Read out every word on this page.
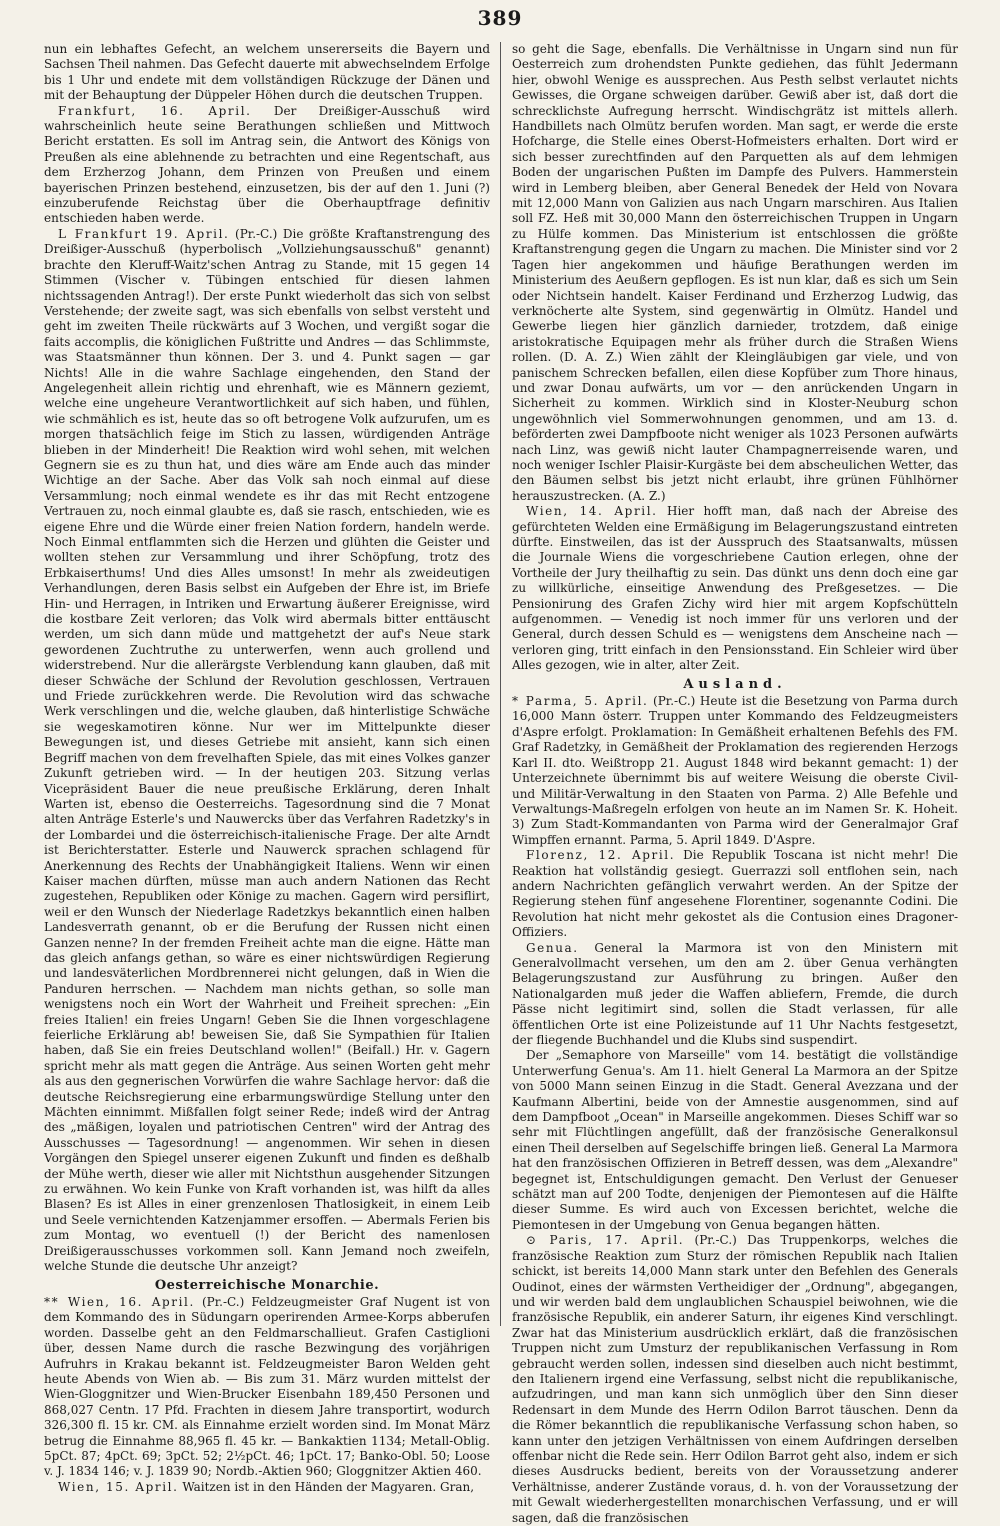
389

nun ein lebhaftes Gefecht, an welchem unsererseits die Bayern und Sachsen Theil nahmen. Das Gefecht dauerte mit abwechselndem Erfolge bis 1 Uhr und endete mit dem vollständigen Rückzuge der Dänen und mit der Behauptung der Düppeler Höhen durch die deutschen Truppen.

Frankfurt, 16. April. Der Dreißiger-Ausschuß wird wahrscheinlich heute seine Berathungen schließen und Mittwoch Bericht erstatten. Es soll im Antrag sein, die Antwort des Königs von Preußen als eine ablehnende zu betrachten und eine Regentschaft, aus dem Erzherzog Johann, dem Prinzen von Preußen und einem bayerischen Prinzen bestehend, einzusetzen, bis der auf den 1. Juni (?) einzuberufende Reichstag über die Oberhauptfrage definitiv entschieden haben werde.

L Frankfurt 19. April. (Pr.-C.) Die größte Kraftanstrengung des Dreißiger-Ausschuß (hyperbolisch „Vollziehungsausschuß" genannt) brachte den Kleruff-Waitz'schen Antrag zu Stande, mit 15 gegen 14 Stimmen (Vischer v. Tübingen entschied für diesen lahmen nichtssagenden Antrag!). Der erste Punkt wiederholt das sich von selbst Verstehende; der zweite sagt, was sich ebenfalls von selbst versteht und geht im zweiten Theile rückwärts auf 3 Wochen, und vergißt sogar die faits accomplis, die königlichen Fußtritte und Andres — das Schlimmste, was Staatsmänner thun können. Der 3. und 4. Punkt sagen — gar Nichts! Alle in die wahre Sachlage eingehenden, den Stand der Angelegenheit allein richtig und ehrenhaft, wie es Männern geziemt, welche eine ungeheure Verantwortlichkeit auf sich haben, und fühlen, wie schmählich es ist, heute das so oft betrogene Volk aufzurufen, um es morgen thatsächlich feige im Stich zu lassen, würdigenden Anträge blieben in der Minderheit! Die Reaktion wird wohl sehen, mit welchen Gegnern sie es zu thun hat, und dies wäre am Ende auch das minder Wichtige an der Sache. Aber das Volk sah noch einmal auf diese Versammlung; noch einmal wendete es ihr das mit Recht entzogene Vertrauen zu, noch einmal glaubte es, daß sie rasch, entschieden, wie es eigene Ehre und die Würde einer freien Nation fordern, handeln werde. Noch Einmal entflammten sich die Herzen und glühten die Geister und wollten stehen zur Versammlung und ihrer Schöpfung, trotz des Erbkaiserthums! Und dies Alles umsonst! In mehr als zweideutigen Verhandlungen, deren Basis selbst ein Aufgeben der Ehre ist, im Briefe Hin- und Herragen, in Intriken und Erwartung äußerer Ereignisse, wird die kostbare Zeit verloren; das Volk wird abermals bitter enttäuscht werden, um sich dann müde und mattgehetzt der auf's Neue stark gewordenen Zuchtruthe zu unterwerfen, wenn auch grollend und widerstrebend. Nur die allerärgste Verblendung kann glauben, daß mit dieser Schwäche der Schlund der Revolution geschlossen, Vertrauen und Friede zurückkehren werde. Die Revolution wird das schwache Werk verschlingen und die, welche glauben, daß hinterlistige Schwäche sie wegeskamotiren könne. Nur wer im Mittelpunkte dieser Bewegungen ist, und dieses Getriebe mit ansieht, kann sich einen Begriff machen von dem frevelhaften Spiele, das mit eines Volkes ganzer Zukunft getrieben wird. — In der heutigen 203. Sitzung verlas Vicepräsident Bauer die neue preußische Erklärung, deren Inhalt Warten ist, ebenso die Oesterreichs. Tagesordnung sind die 7 Monat alten Anträge Esterle's und Nauwercks über das Verfahren Radetzky's in der Lombardei und die österreichisch-italienische Frage. Der alte Arndt ist Berichterstatter. Esterle und Nauwerck sprachen schlagend für Anerkennung des Rechts der Unabhängigkeit Italiens. Wenn wir einen Kaiser machen dürften, müsse man auch andern Nationen das Recht zugestehen, Republiken oder Könige zu machen. Gagern wird persiflirt, weil er den Wunsch der Niederlage Radetzkys bekanntlich einen halben Landesverrath genannt, ob er die Berufung der Russen nicht einen Ganzen nenne? In der fremden Freiheit achte man die eigne. Hätte man das gleich anfangs gethan, so wäre es einer nichtswürdigen Regierung und landesväterlichen Mordbrennerei nicht gelungen, daß in Wien die Panduren herrschen. — Nachdem man nichts gethan, so solle man wenigstens noch ein Wort der Wahrheit und Freiheit sprechen: „Ein freies Italien! ein freies Ungarn! Geben Sie die Ihnen vorgeschlagene feierliche Erklärung ab! beweisen Sie, daß Sie Sympathien für Italien haben, daß Sie ein freies Deutschland wollen!" (Beifall.) Hr. v. Gagern spricht mehr als matt gegen die Anträge. Aus seinen Worten geht mehr als aus den gegnerischen Vorwürfen die wahre Sachlage hervor: daß die deutsche Reichsregierung eine erbarmungswürdige Stellung unter den Mächten einnimmt. Mißfallen folgt seiner Rede; indeß wird der Antrag des „mäßigen, loyalen und patriotischen Centren" wird der Antrag des Ausschusses — Tagesordnung! — angenommen. Wir sehen in diesen Vorgängen den Spiegel unserer eigenen Zukunft und finden es deßhalb der Mühe werth, dieser wie aller mit Nichtsthun ausgehender Sitzungen zu erwähnen. Wo kein Funke von Kraft vorhanden ist, was hilft da alles Blasen? Es ist Alles in einer grenzenlosen Thatlosigkeit, in einem Leib und Seele vernichtenden Katzenjammer ersoffen. — Abermals Ferien bis zum Montag, wo eventuell (!) der Bericht des namenlosen Dreißigerausschusses vorkommen soll. Kann Jemand noch zweifeln, welche Stunde die deutsche Uhr anzeigt?

Oesterreichische Monarchie.

** Wien, 16. April. (Pr.-C.) Feldzeugmeister Graf Nugent ist von dem Kommando des in Südungarn operirenden Armee-Korps abberufen worden. Dasselbe geht an den Feldmarschallieut. Grafen Castiglioni über, dessen Name durch die rasche Bezwingung des vorjährigen Aufruhrs in Krakau bekannt ist. Feldzeugmeister Baron Welden geht heute Abends von Wien ab. — Bis zum 31. März wurden mittelst der Wien-Gloggnitzer und Wien-Brucker Eisenbahn 189,450 Personen und 868,027 Centn. 17 Pfd. Frachten in diesem Jahre transportirt, wodurch 326,300 fl. 15 kr. CM. als Einnahme erzielt worden sind. Im Monat März betrug die Einnahme 88,965 fl. 45 kr. — Bankaktien 1134; Metall-Oblig. 5pCt. 87; 4pCt. 69; 3pCt. 52; 2½pCt. 46; 1pCt. 17; Banko-Obl. 50; Loose v. J. 1834 146; v. J. 1839 90; Nordb.-Aktien 960; Gloggnitzer Aktien 460.

Wien, 15. April. Waitzen ist in den Händen der Magyaren. Gran,

so geht die Sage, ebenfalls. Die Verhältnisse in Ungarn sind nun für Oesterreich zum drohendsten Punkte gediehen, das fühlt Jedermann hier, obwohl Wenige es aussprechen. Aus Pesth selbst verlautet nichts Gewisses, die Organe schweigen darüber. Gewiß aber ist, daß dort die schrecklichste Aufregung herrscht. Windischgrätz ist mittels allerh. Handbillets nach Olmütz berufen worden. Man sagt, er werde die erste Hofcharge, die Stelle eines Oberst-Hofmeisters erhalten. Dort wird er sich besser zurechtfinden auf den Parquetten als auf dem lehmigen Boden der ungarischen Pußten im Dampfe des Pulvers. Hammerstein wird in Lemberg bleiben, aber General Benedek der Held von Novara mit 12,000 Mann von Galizien aus nach Ungarn marschiren. Aus Italien soll FZ. Heß mit 30,000 Mann den österreichischen Truppen in Ungarn zu Hülfe kommen. Das Ministerium ist entschlossen die größte Kraftanstrengung gegen die Ungarn zu machen. Die Minister sind vor 2 Tagen hier angekommen und häufige Berathungen werden im Ministerium des Aeußern gepflogen. Es ist nun klar, daß es sich um Sein oder Nichtsein handelt. Kaiser Ferdinand und Erzherzog Ludwig, das verknöcherte alte System, sind gegenwärtig in Olmütz. Handel und Gewerbe liegen hier gänzlich darnieder, trotzdem, daß einige aristokratische Equipagen mehr als früher durch die Straßen Wiens rollen. (D. A. Z.) Wien zählt der Kleingläubigen gar viele, und von panischem Schrecken befallen, eilen diese Kopfüber zum Thore hinaus, und zwar Donau aufwärts, um vor — den anrückenden Ungarn in Sicherheit zu kommen. Wirklich sind in Kloster-Neuburg schon ungewöhnlich viel Sommerwohnungen genommen, und am 13. d. beförderten zwei Dampfboote nicht weniger als 1023 Personen aufwärts nach Linz, was gewiß nicht lauter Champagnerreisende waren, und noch weniger Ischler Plaisir-Kurgäste bei dem abscheulichen Wetter, das den Bäumen selbst bis jetzt nicht erlaubt, ihre grünen Fühlhörner herauszustrecken. (A. Z.)

Wien, 14. April. Hier hofft man, daß nach der Abreise des gefürchteten Welden eine Ermäßigung im Belagerungszustand eintreten dürfte. Einstweilen, das ist der Ausspruch des Staatsanwalts, müssen die Journale Wiens die vorgeschriebene Caution erlegen, ohne der Vortheile der Jury theilhaftig zu sein. Das dünkt uns denn doch eine gar zu willkürliche, einseitige Anwendung des Preßgesetzes. — Die Pensionirung des Grafen Zichy wird hier mit argem Kopfschütteln aufgenommen. — Venedig ist noch immer für uns verloren und der General, durch dessen Schuld es — wenigstens dem Anscheine nach — verloren ging, tritt einfach in den Pensionsstand. Ein Schleier wird über Alles gezogen, wie in alter, alter Zeit.

Ausland.

* Parma, 5. April. (Pr.-C.) Heute ist die Besetzung von Parma durch 16,000 Mann österr. Truppen unter Kommando des Feldzeugmeisters d'Aspre erfolgt. Proklamation: In Gemäßheit erhaltenen Befehls des FM. Graf Radetzky, in Gemäßheit der Proklamation des regierenden Herzogs Karl II. dto. Weißtropp 21. August 1848 wird bekannt gemacht: 1) der Unterzeichnete übernimmt bis auf weitere Weisung die oberste Civil- und Militär-Verwaltung in den Staaten von Parma. 2) Alle Befehle und Verwaltungs-Maßregeln erfolgen von heute an im Namen Sr. K. Hoheit. 3) Zum Stadt-Kommandanten von Parma wird der Generalmajor Graf Wimpffen ernannt. Parma, 5. April 1849. D'Aspre.

Florenz, 12. April. Die Republik Toscana ist nicht mehr! Die Reaktion hat vollständig gesiegt. Guerrazzi soll entflohen sein, nach andern Nachrichten gefänglich verwahrt werden. An der Spitze der Regierung stehen fünf angesehene Florentiner, sogenannte Codini. Die Revolution hat nicht mehr gekostet als die Contusion eines Dragoner-Offiziers.

Genua. General la Marmora ist von den Ministern mit Generalvollmacht versehen, um den am 2. über Genua verhängten Belagerungszustand zur Ausführung zu bringen. Außer den Nationalgarden muß jeder die Waffen abliefern, Fremde, die durch Pässe nicht legitimirt sind, sollen die Stadt verlassen, für alle öffentlichen Orte ist eine Polizeistunde auf 11 Uhr Nachts festgesetzt, der fliegende Buchhandel und die Klubs sind suspendirt.

Der „Semaphore von Marseille" vom 14. bestätigt die vollständige Unterwerfung Genua's. Am 11. hielt General La Marmora an der Spitze von 5000 Mann seinen Einzug in die Stadt. General Avezzana und der Kaufmann Albertini, beide von der Amnestie ausgenommen, sind auf dem Dampfboot „Ocean" in Marseille angekommen. Dieses Schiff war so sehr mit Flüchtlingen angefüllt, daß der französische Generalkonsul einen Theil derselben auf Segelschiffe bringen ließ. General La Marmora hat den französischen Offizieren in Betreff dessen, was dem „Alexandre" begegnet ist, Entschuldigungen gemacht. Den Verlust der Genueser schätzt man auf 200 Todte, denjenigen der Piemontesen auf die Hälfte dieser Summe. Es wird auch von Excessen berichtet, welche die Piemontesen in der Umgebung von Genua begangen hätten.

⊙ Paris, 17. April. (Pr.-C.) Das Truppenkorps, welches die französische Reaktion zum Sturz der römischen Republik nach Italien schickt, ist bereits 14,000 Mann stark unter den Befehlen des Generals Oudinot, eines der wärmsten Vertheidiger der „Ordnung", abgegangen, und wir werden bald dem unglaublichen Schauspiel beiwohnen, wie die französische Republik, ein anderer Saturn, ihr eigenes Kind verschlingt. Zwar hat das Ministerium ausdrücklich erklärt, daß die französischen Truppen nicht zum Umsturz der republikanischen Verfassung in Rom gebraucht werden sollen, indessen sind dieselben auch nicht bestimmt, den Italienern irgend eine Verfassung, selbst nicht die republikanische, aufzudringen, und man kann sich unmöglich über den Sinn dieser Redensart in dem Munde des Herrn Odilon Barrot täuschen. Denn da die Römer bekanntlich die republikanische Verfassung schon haben, so kann unter den jetzigen Verhältnissen von einem Aufdringen derselben offenbar nicht die Rede sein. Herr Odilon Barrot geht also, indem er sich dieses Ausdrucks bedient, bereits von der Voraussetzung anderer Verhältnisse, anderer Zustände voraus, d. h. von der Voraussetzung der mit Gewalt wiederhergestellten monarchischen Verfassung, und er will sagen, daß die französischen
